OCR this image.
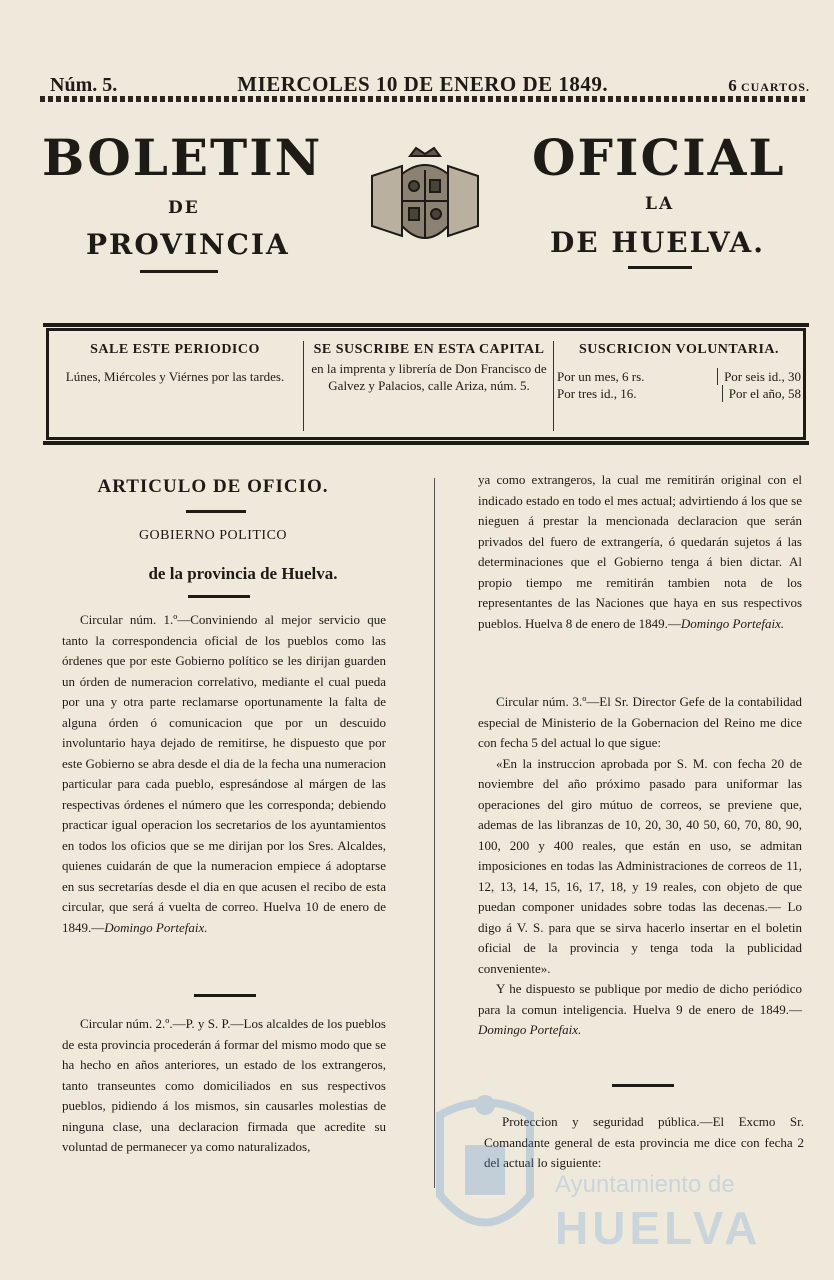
Núm. 5.	MIERCOLES 10 DE ENERO DE 1849.	6 CUARTOS.
BOLETIN
DE
PROVINCIA
OFICIAL
LA
DE HUELVA.
SALE ESTE PERIODICO
Lúnes, Miércoles y Viérnes por las tardes.
SE SUSCRIBE EN ESTA CAPITAL
en la imprenta y librería de Don Francisco de Galvez y Palacios, calle Ariza, núm. 5.
SUSCRICION VOLUNTARIA.
Por un mes, 6 rs.	Por seis id., 30
Por tres id., 16.	Por el año, 58
ARTICULO DE OFICIO.
GOBIERNO POLITICO
de la provincia de Huelva.

Circular núm. 1.º—Conviniendo al mejor servicio que tanto la correspondencia oficial de los pueblos como las órdenes que por este Gobierno político se les dirijan guarden un órden de numeracion correlativo, mediante el cual pueda por una y otra parte reclamarse oportunamente la falta de alguna órden ó comunicacion que por un descuido involuntario haya dejado de remitirse, he dispuesto que por este Gobierno se abra desde el dia de la fecha una numeracion particular para cada pueblo, espresándose al márgen de las respectivas órdenes el número que les corresponda; debiendo practicar igual operacion los secretarios de los ayuntamientos en todos los oficios que se me dirijan por los Sres. Alcaldes, quienes cuidarán de que la numeracion empiece á adoptarse en sus secretarías desde el dia en que acusen el recibo de esta circular, que será á vuelta de correo. Huelva 10 de enero de 1849.—Domingo Portefaix.

Circular núm. 2.º.—P. y S. P.—Los alcaldes de los pueblos de esta provincia procederán á formar del mismo modo que se ha hecho en años anteriores, un estado de los extrangeros, tanto transeuntes como domiciliados en sus respectivos pueblos, pidiendo á los mismos, sin causarles molestias de ninguna clase, una declaracion firmada que acredite su voluntad de permanecer ya como naturalizados,

ya como extrangeros, la cual me remitirán original con el indicado estado en todo el mes actual; advirtiendo á los que se nieguen á prestar la mencionada declaracion que serán privados del fuero de extrangería, ó quedarán sujetos á las determinaciones que el Gobierno tenga á bien dictar. Al propio tiempo me remitirán tambien nota de los representantes de las Naciones que haya en sus respectivos pueblos. Huelva 8 de enero de 1849.—Domingo Portefaix.

Circular núm. 3.º—El Sr. Director Gefe de la contabilidad especial de Ministerio de la Gobernacion del Reino me dice con fecha 5 del actual lo que sigue:

«En la instruccion aprobada por S. M. con fecha 20 de noviembre del año próximo pasado para uniformar las operaciones del giro mútuo de correos, se previene que, ademas de las libranzas de 10, 20, 30, 40 50, 60, 70, 80, 90, 100, 200 y 400 reales, que están en uso, se admitan imposiciones en todas las Administraciones de correos de 11, 12, 13, 14, 15, 16, 17, 18, y 19 reales, con objeto de que puedan componer unidades sobre todas las decenas.— Lo digo á V. S. para que se sirva hacerlo insertar en el boletin oficial de la provincia y tenga toda la publicidad conveniente».

Y he dispuesto se publique por medio de dicho periódico para la comun inteligencia. Huelva 9 de enero de 1849.—Domingo Portefaix.

Proteccion y seguridad pública.—El Excmo Sr. Comandante general de esta provincia me dice con fecha 2 del actual lo siguiente:

Ayuntamiento de
HUELVA
